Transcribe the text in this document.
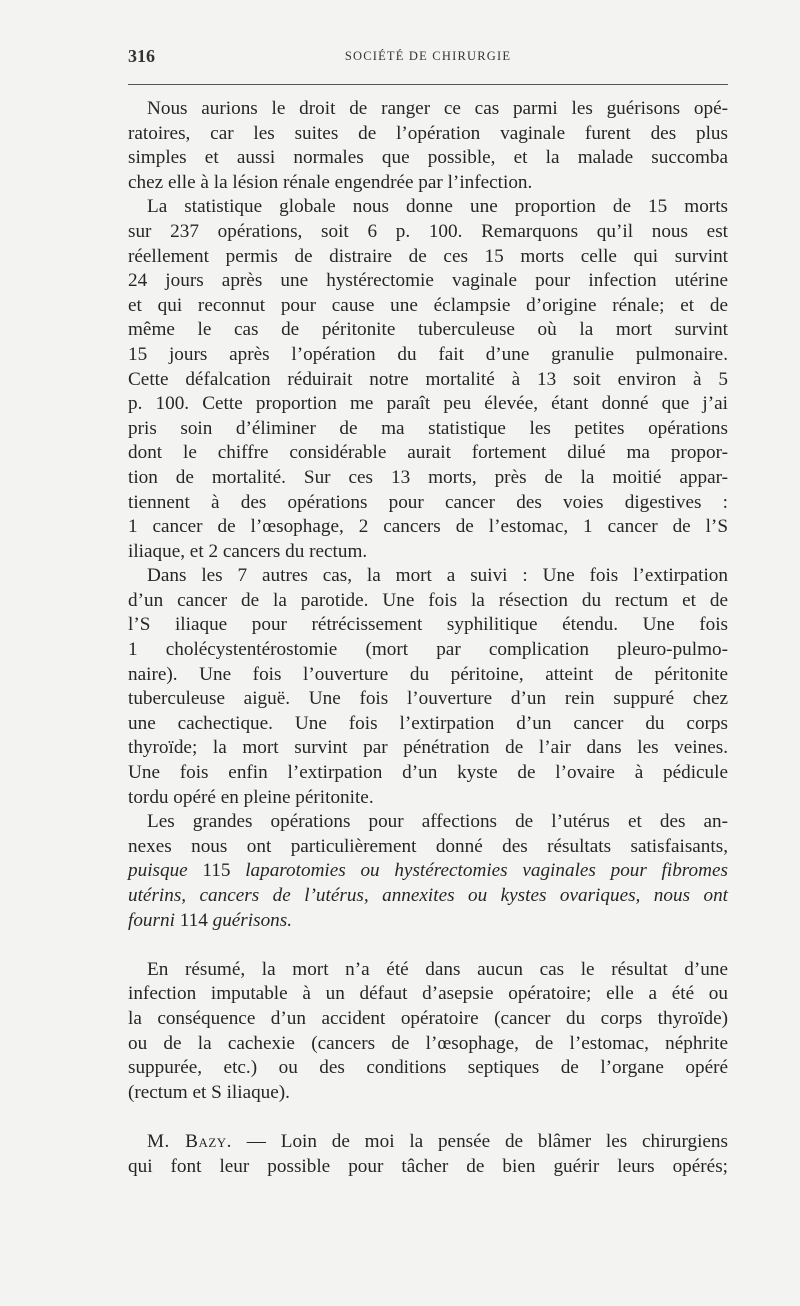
316	SOCIÉTÉ DE CHIRURGIE
Nous aurions le droit de ranger ce cas parmi les guérisons opé-
ratoires, car les suites de l’opération vaginale furent des plus
simples et aussi normales que possible, et la malade succomba
chez elle à la lésion rénale engendrée par l’infection.
La statistique globale nous donne une proportion de 15 morts
sur 237 opérations, soit 6 p. 100. Remarquons qu’il nous est
réellement permis de distraire de ces 15 morts celle qui survint
24 jours après une hystérectomie vaginale pour infection utérine
et qui reconnut pour cause une éclampsie d’origine rénale; et de
même le cas de péritonite tuberculeuse où la mort survint
15 jours après l’opération du fait d’une granulie pulmonaire.
Cette défalcation réduirait notre mortalité à 13 soit environ à 5
p. 100. Cette proportion me paraît peu élevée, étant donné que j’ai
pris soin d’éliminer de ma statistique les petites opérations
dont le chiffre considérable aurait fortement dilué ma propor-
tion de mortalité. Sur ces 13 morts, près de la moitié appar-
tiennent à des opérations pour cancer des voies digestives :
1 cancer de l’œsophage, 2 cancers de l’estomac, 1 cancer de l’S
iliaque, et 2 cancers du rectum.
Dans les 7 autres cas, la mort a suivi : Une fois l’extirpation
d’un cancer de la parotide. Une fois la résection du rectum et de
l’S iliaque pour rétrécissement syphilitique étendu. Une fois
1 cholécystentérostomie (mort par complication pleuro-pulmo-
naire). Une fois l’ouverture du péritoine, atteint de péritonite
tuberculeuse aiguë. Une fois l’ouverture d’un rein suppuré chez
une cachectique. Une fois l’extirpation d’un cancer du corps
thyroïde; la mort survint par pénétration de l’air dans les veines.
Une fois enfin l’extirpation d’un kyste de l’ovaire à pédicule
tordu opéré en pleine péritonite.
Les grandes opérations pour affections de l’utérus et des an-
nexes nous ont particulièrement donné des résultats satisfaisants,
puisque 115 laparotomies ou hystérectomies vaginales pour fibromes
utérins, cancers de l’utérus, annexites ou kystes ovariques, nous ont
fourni 114 guérisons.
En résumé, la mort n’a été dans aucun cas le résultat d’une
infection imputable à un défaut d’asepsie opératoire; elle a été ou
la conséquence d’un accident opératoire (cancer du corps thyroïde)
ou de la cachexie (cancers de l’œsophage, de l’estomac, néphrite
suppurée, etc.) ou des conditions septiques de l’organe opéré
(rectum et S iliaque).
M. Bazy. — Loin de moi la pensée de blâmer les chirurgiens
qui font leur possible pour tâcher de bien guérir leurs opérés;
